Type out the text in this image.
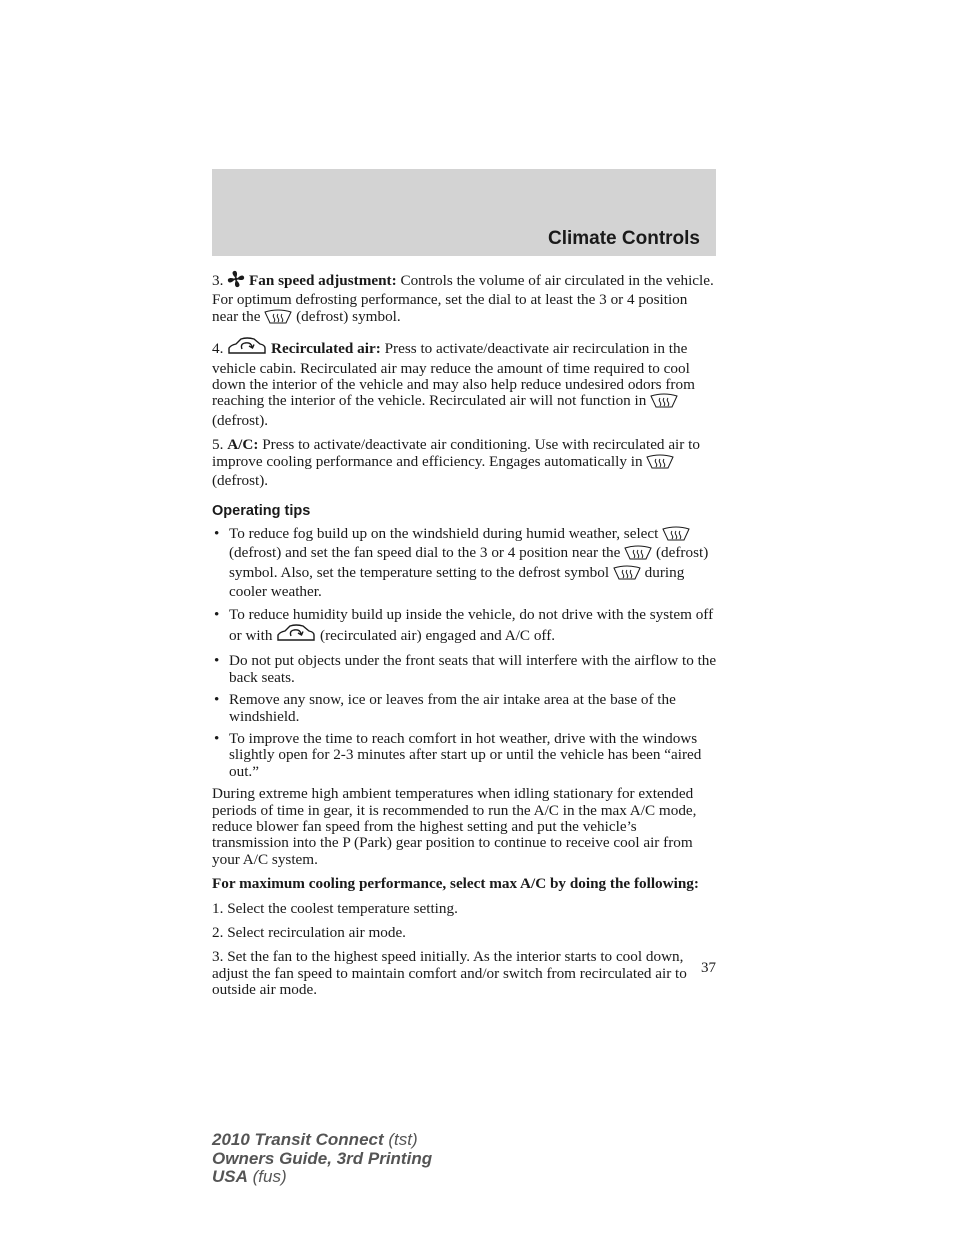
Climate Controls

3. Fan speed adjustment: Controls the volume of air circulated in the vehicle. For optimum defrosting performance, set the dial to at least the 3 or 4 position near the (defrost) symbol.

4.	Recirculated air: Press to activate/deactivate air recirculation in the vehicle cabin. Recirculated air may reduce the amount of time required to cool down the interior of the vehicle and may also help reduce undesired odors from reaching the interior of the vehicle. Recirculated air will not function in  (defrost).

5. A/C: Press to activate/deactivate air conditioning. Use with recirculated air to improve cooling performance and efficiency. Engages automatically in  (defrost).

Operating tips
• To reduce fog build up on the windshield during humid weather, select  (defrost) and set the fan speed dial to the 3 or 4 position near the (defrost) symbol. Also, set the temperature setting to the defrost symbol during cooler weather.
• To reduce humidity build up inside the vehicle, do not drive with the system off or with	(recirculated air) engaged and A/C off.
• Do not put objects under the front seats that will interfere with the airflow to the back seats.
• Remove any snow, ice or leaves from the air intake area at the base of the windshield.
• To improve the time to reach comfort in hot weather, drive with the windows slightly open for 2-3 minutes after start up or until the vehicle has been “aired out.”

During extreme high ambient temperatures when idling stationary for extended periods of time in gear, it is recommended to run the A/C in the max A/C mode, reduce blower fan speed from the highest setting and put the vehicle’s transmission into the P (Park) gear position to continue to receive cool air from your A/C system.

For maximum cooling performance, select max A/C by doing the following:

1. Select the coolest temperature setting.

2. Select recirculation air mode.

3. Set the fan to the highest speed initially. As the interior starts to cool down, adjust the fan speed to maintain comfort and/or switch from recirculated air to outside air mode.

37
2010 Transit Connect (tst)
Owners Guide, 3rd Printing
USA (fus)
